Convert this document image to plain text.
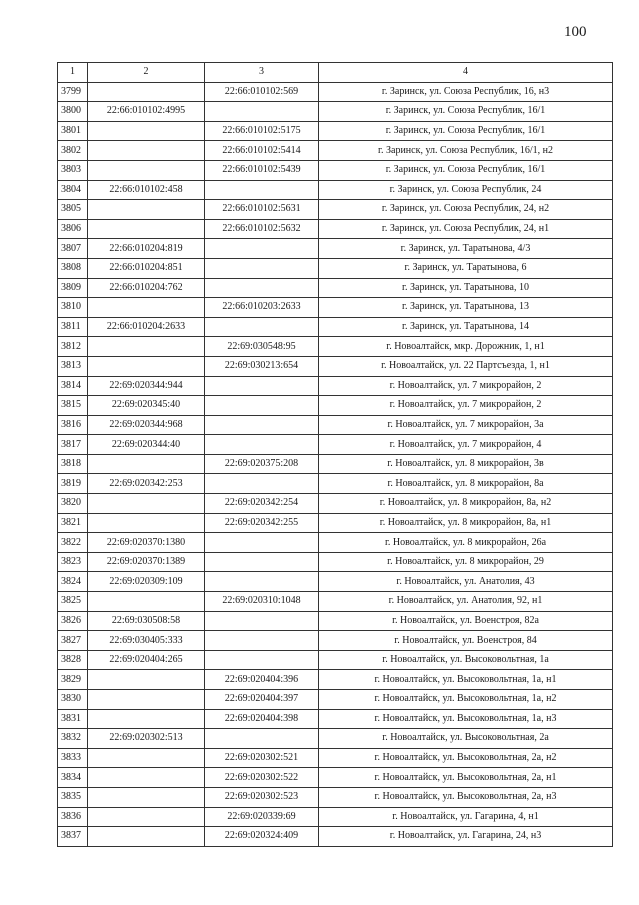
100
1	2	3	4
3799		22:66:010102:569	г. Заринск, ул. Союза Республик, 16, н3
3800	22:66:010102:4995		г. Заринск, ул. Союза Республик, 16/1
3801		22:66:010102:5175	г. Заринск, ул. Союза Республик, 16/1
3802		22:66:010102:5414	г. Заринск, ул. Союза Республик, 16/1, н2
3803		22:66:010102:5439	г. Заринск, ул. Союза Республик, 16/1
3804	22:66:010102:458		г. Заринск, ул. Союза Республик, 24
3805		22:66:010102:5631	г. Заринск, ул. Союза Республик, 24, н2
3806		22:66:010102:5632	г. Заринск, ул. Союза Республик, 24, н1
3807	22:66:010204:819		г. Заринск, ул. Таратынова, 4/3
3808	22:66:010204:851		г. Заринск, ул. Таратынова, 6
3809	22:66:010204:762		г. Заринск, ул. Таратынова, 10
3810		22:66:010203:2633	г. Заринск, ул. Таратынова, 13
3811	22:66:010204:2633		г. Заринск, ул. Таратынова, 14
3812		22:69:030548:95	г. Новоалтайск, мкр. Дорожник, 1, н1
3813		22:69:030213:654	г. Новоалтайск, ул. 22 Партсъезда, 1, н1
3814	22:69:020344:944		г. Новоалтайск, ул. 7 микрорайон, 2
3815	22:69:020345:40		г. Новоалтайск, ул. 7 микрорайон, 2
3816	22:69:020344:968		г. Новоалтайск, ул. 7 микрорайон, 3а
3817	22:69:020344:40		г. Новоалтайск, ул. 7 микрорайон, 4
3818		22:69:020375:208	г. Новоалтайск, ул. 8 микрорайон, 3в
3819	22:69:020342:253		г. Новоалтайск, ул. 8 микрорайон, 8а
3820		22:69:020342:254	г. Новоалтайск, ул. 8 микрорайон, 8а, н2
3821		22:69:020342:255	г. Новоалтайск, ул. 8 микрорайон, 8а, н1
3822	22:69:020370:1380		г. Новоалтайск, ул. 8 микрорайон, 26а
3823	22:69:020370:1389		г. Новоалтайск, ул. 8 микрорайон, 29
3824	22:69:020309:109		г. Новоалтайск, ул. Анатолия, 43
3825		22:69:020310:1048	г. Новоалтайск, ул. Анатолия, 92, н1
3826	22:69:030508:58		г. Новоалтайск, ул. Военстроя, 82а
3827	22:69:030405:333		г. Новоалтайск, ул. Военстроя, 84
3828	22:69:020404:265		г. Новоалтайск, ул. Высоковольтная, 1а
3829		22:69:020404:396	г. Новоалтайск, ул. Высоковольтная, 1а, н1
3830		22:69:020404:397	г. Новоалтайск, ул. Высоковольтная, 1а, н2
3831		22:69:020404:398	г. Новоалтайск, ул. Высоковольтная, 1а, н3
3832	22:69:020302:513		г. Новоалтайск, ул. Высоковольтная, 2а
3833		22:69:020302:521	г. Новоалтайск, ул. Высоковольтная, 2а, н2
3834		22:69:020302:522	г. Новоалтайск, ул. Высоковольтная, 2а, н1
3835		22:69:020302:523	г. Новоалтайск, ул. Высоковольтная, 2а, н3
3836		22:69:020339:69	г. Новоалтайск, ул. Гагарина, 4, н1
3837		22:69:020324:409	г. Новоалтайск, ул. Гагарина, 24, н3
